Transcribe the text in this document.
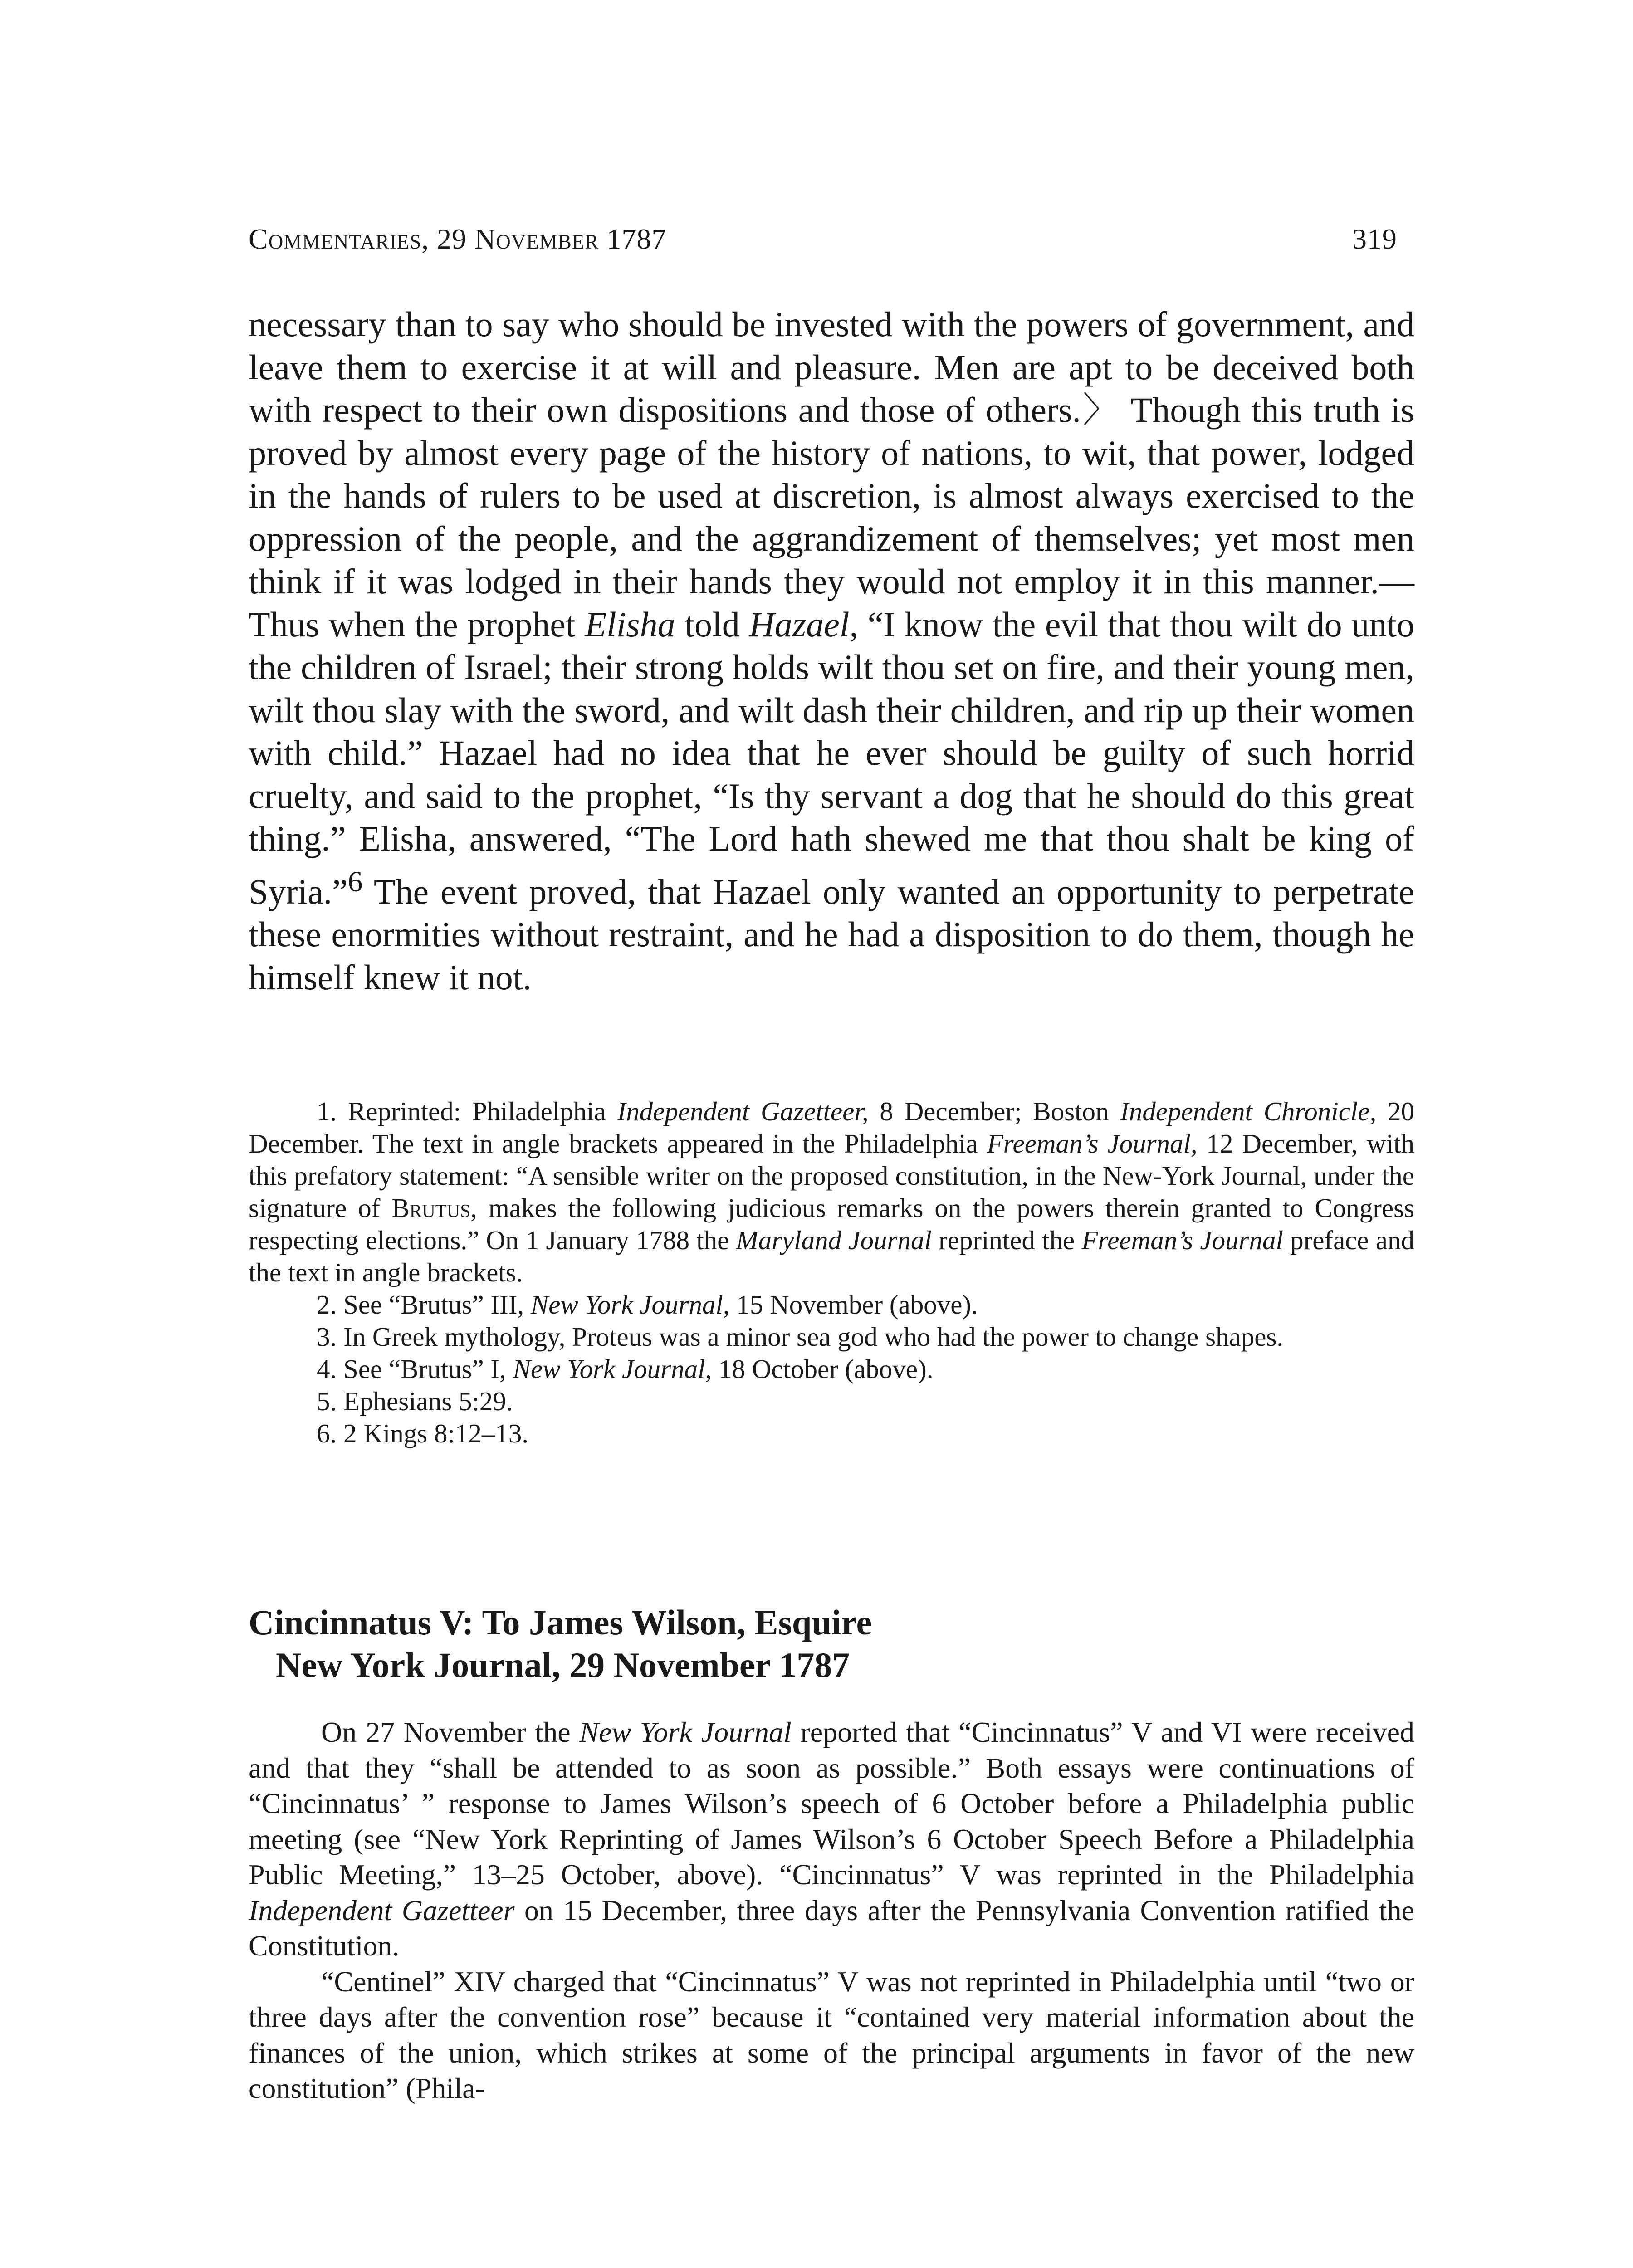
Commentaries, 29 November 1787	319

necessary than to say who should be invested with the powers of government, and leave them to exercise it at will and pleasure. Men are apt to be deceived both with respect to their own dispositions and those of others.〉 Though this truth is proved by almost every page of the history of nations, to wit, that power, lodged in the hands of rulers to be used at discretion, is almost always exercised to the oppression of the people, and the aggrandizement of themselves; yet most men think if it was lodged in their hands they would not employ it in this manner.—Thus when the prophet Elisha told Hazael, “I know the evil that thou wilt do unto the children of Israel; their strong holds wilt thou set on fire, and their young men, wilt thou slay with the sword, and wilt dash their children, and rip up their women with child.” Hazael had no idea that he ever should be guilty of such horrid cruelty, and said to the prophet, “Is thy servant a dog that he should do this great thing.” Elisha, answered, “The Lord hath shewed me that thou shalt be king of Syria.”$^6$ The event proved, that Hazael only wanted an opportunity to perpetrate these enormities without restraint, and he had a disposition to do them, though he himself knew it not.

1. Reprinted: Philadelphia Independent Gazetteer, 8 December; Boston Independent Chronicle, 20 December. The text in angle brackets appeared in the Philadelphia Freeman’s Journal, 12 December, with this prefatory statement: “A sensible writer on the proposed constitution, in the New-York Journal, under the signature of Brutus, makes the following judicious remarks on the powers therein granted to Congress respecting elections.” On 1 January 1788 the Maryland Journal reprinted the Freeman’s Journal preface and the text in angle brackets.

2. See “Brutus” III, New York Journal, 15 November (above).

3. In Greek mythology, Proteus was a minor sea god who had the power to change shapes.

4. See “Brutus” I, New York Journal, 18 October (above).

5. Ephesians 5:29.

6. 2 Kings 8:12–13.

Cincinnatus V: To James Wilson, Esquire
New York Journal, 29 November 1787

On 27 November the New York Journal reported that “Cincinnatus” V and VI were received and that they “shall be attended to as soon as possible.” Both essays were continuations of “Cincinnatus’ ” response to James Wilson’s speech of 6 October before a Philadelphia public meeting (see “New York Reprinting of James Wilson’s 6 October Speech Before a Philadelphia Public Meeting,” 13–25 October, above). “Cincinnatus” V was reprinted in the Philadelphia Independent Gazetteer on 15 December, three days after the Pennsylvania Convention ratified the Constitution.

“Centinel” XIV charged that “Cincinnatus” V was not reprinted in Philadelphia until “two or three days after the convention rose” because it “contained very material information about the finances of the union, which strikes at some of the principal arguments in favor of the new constitution” (Phila-
